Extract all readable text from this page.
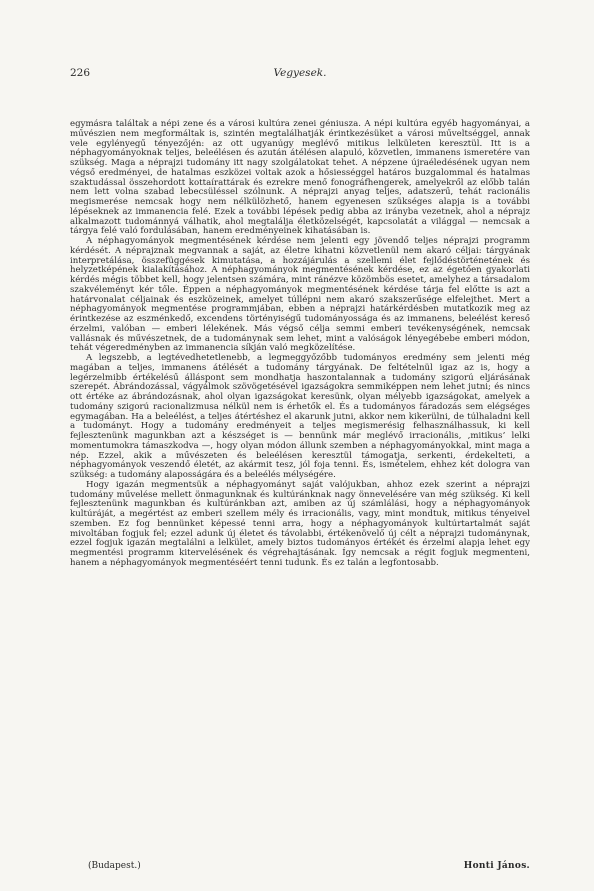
226	Vegyesek.

egymásra találtak a népi zene és a városi kultúra zenei géniusza. A népi kultúra egyéb hagyományai, a művészien nem megformáltak is, szintén megtalálhatják érintkezésüket a városi műveltséggel, annak vele egylényegű tényezőjén: az ott ugyanúgy meglévő mitikus lelkületen keresztül. Itt is a néphagyományoknak teljes, beleélésen és azután átélésen alapuló, közvetlen, immanens ismeretére van szükség. Maga a néprajzi tudomány itt nagy szolgálatokat tehet. A népzene újraéledésének ugyan nem végső eredményei, de hatalmas eszközei voltak azok a hősiességgel határos buzgalommal és hatalmas szaktudással összehordott kottaírattárak és ezrekre menő fonográfhengerek, amelyekről az előbb talán nem lett volna szabad lebecsüléssel szólnunk. A néprajzi anyag teljes, adatszerű, tehát racionális megismerése nemcsak hogy nem nélkülözhető, hanem egyenesen szükséges alapja is a további lépéseknek az immanencia felé. Ezek a további lépések pedig abba az irányba vezetnek, ahol a néprajz alkalmazott tudománnyá válhatik, ahol megtalálja életközelségét, kapcsolatát a világgal — nemcsak a tárgya felé való fordulásában, hanem eredményeinek kihatásában is.

A néphagyományok megmentésének kérdése nem jelenti egy jövendő teljes néprajzi programm kérdését. A néprajznak megvannak a saját, az életre kihatni közvetlenül nem akaró céljai: tárgyának interpretálása, összefüggések kimutatása, a hozzájárulás a szellemi élet fejlődéstörténetének és helyzetképének kialakításához. A néphagyományok megmentésének kérdése, ez az égetően gyakorlati kérdés mégis többet kell, hogy jelentsen számára, mint ránézve közömbös esetet, amelyhez a társadalom szakvéleményt kér tőle. Éppen a néphagyományok megmentésének kérdése tárja fel előtte is azt a határvonalat céljainak és eszközeinek, amelyet túllépni nem akaró szakszerűsége elfelejthet. Mert a néphagyományok megmentése programmjában, ebben a néprajzi határkérdésben mutatkozik meg az érintkezése az eszménkedő, excendens történyiségű tudományossága és az immanens, beleélést kereső érzelmi, valóban — emberi lélekének. Más végső célja semmi emberi tevékenységének, nemcsak vallásnak és művészetnek, de a tudománynak sem lehet, mint a valóságok lényegébebe emberi módon, tehát végeredményben az immanencia síkján való megközelítése.

A legszebb, a legtévedhetetlenebb, a legmeggyőzőbb tudományos eredmény sem jelenti még magában a teljes, immanens átélését a tudomány tárgyának. De feltételnül igaz az is, hogy a legérzelmibb értékelésű álláspont sem mondhatja haszontalannak a tudomány szigorú eljárásának szerepét. Ábrándozással, vágyálmok szövögetésével igazságokra semmiképpen nem lehet jutni; és nincs ott értéke az ábrándozásnak, ahol olyan igazságokat keresünk, olyan mélyebb igazságokat, amelyek a tudomány szigorú racionalizmusa nélkül nem is érhetők el. És a tudományos fáradozás sem elégséges egymagában. Ha a beleélést, a teljes átértéshez el akarunk jutni, akkor nem kikerülni, de túlhaladni kell a tudományt. Hogy a tudomány eredményeit a teljes megismerésig felhasználhassuk, ki kell fejlesztenünk magunkban azt a készséget is — bennünk már meglévő irracionális, ‚mitikus’ lelki momentumokra támaszkodva —, hogy olyan módon állunk szemben a néphagyományokkal, mint maga a nép. Ezzel, akik a művészeten és beleélésen keresztül támogatja, serkenti, érdekelteti, a néphagyományok veszendő életét, az akármit tesz, jól foja tenni. És, ismételem, ehhez két dologra van szükség: a tudomány alaposságára és a beleélés mélységére.

Hogy igazán megmentsük a néphagyományt saját valójukban, ahhoz ezek szerint a néprajzi tudomány művelése mellett önmagunknak és kultúránknak nagy önnevelésére van még szükség. Ki kell fejlesztenünk magunkban és kultúránkban azt, amiben az új számlálási, hogy a néphagyományok kultúráját, a megértést az emberi szellem mély és irracionális, vagy, mint mondtuk, mitikus tényeivel szemben. Ez fog bennünket képessé tenni arra, hogy a néphagyományok kultúrtartalmát saját mivoltában fogjuk fel; ezzel adunk új életet és távolabbi, értékenövelő új célt a néprajzi tudománynak, ezzel fogjuk igazán megtalálni a lelkület, amely biztos tudományos értékét és érzelmi alapja lehet egy megmentési programm kitervelésének és végrehajtásának. Így nemcsak a régit fogjuk megmenteni, hanem a néphagyományok megmentéséért tenni tudunk. És ez talán a legfontosabb.

(Budapest.)	Honti János.
